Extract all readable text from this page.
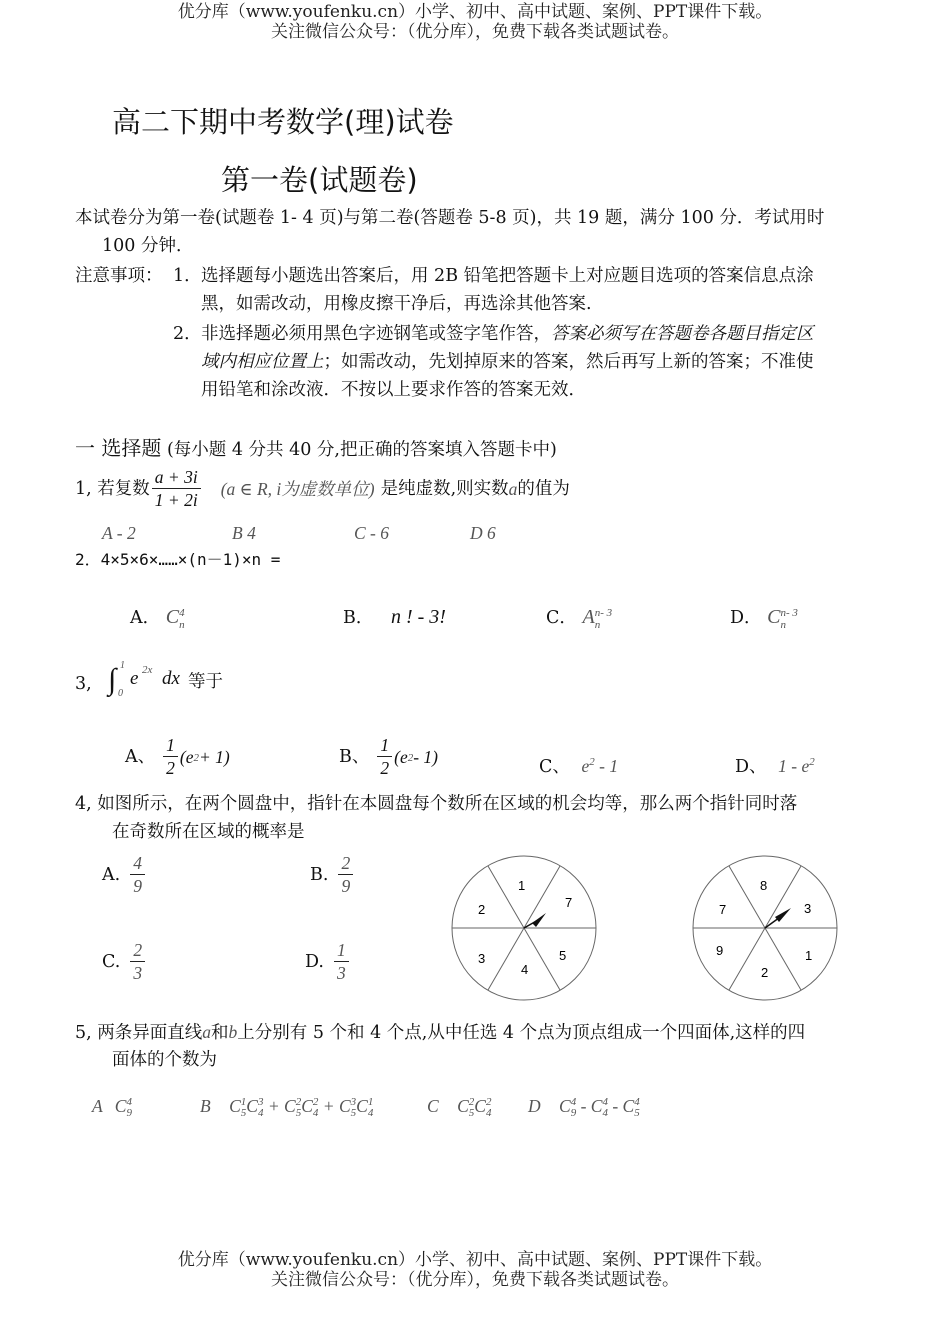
优分库（www.youfenku.cn）小学、初中、高中试题、案例、PPT课件下载。
关注微信公众号：（优分库），免费下载各类试题试卷。
高二下期中考数学(理)试卷
第一卷(试题卷)
本试卷分为第一卷(试题卷 1- 4 页)与第二卷(答题卷 5-8 页)，共 19 题，满分 100 分．考试用时
100 分钟．
注意事项： 1． 选择题每小题选出答案后，用 2B 铅笔把答题卡上对应题目选项的答案信息点涂
黑，如需改动，用橡皮擦干净后，再选涂其他答案.
2． 非选择题必须用黑色字迹钢笔或签字笔作答，答案必须写在答题卷各题目指定区
域内相应位置上；如需改动，先划掉原来的答案，然后再写上新的答案；不准使
用铅笔和涂改液．不按以上要求作答的答案无效．
一 选择题 (每小题 4 分共 40 分,把正确的答案填入答题卡中)
1, 若复数 $\frac{a + 3i}{1 + 2i} (a$ ∈ R, i为虚数单位) 是纯虚数,则实数 a 的值为
A - 2	B 4	C - 6	D 6
2．4×5×6×……×(n－1)×n =
A． C 4
n	B． n ! - 3!	C． A n- 3
n	D． C n- 3
n
3, ∫ 1
0
e 2x dx 等于
A、 $\frac{1}{2} (e$ 2 + 1)	B、 $\frac{1}{2} (e$ 2 - 1)
C、 $e^2 - 1$	D、 $1 - e^2$
4, 如图所示，在两个圆盘中，指针在本圆盘每个数所在区域的机会均等，那么两个指针同时落
在奇数所在区域的概率是
A. $\frac{4}{9}$	B. $\frac{2}{9}$
C. $\frac{2}{3}$	D. $\frac{1}{3}$
1
7
5
4
3
2
8
3
1
2
9
7
5, 两条异面直线a和b上分别有 5 个和 4 个点,从中任选 4 个点为顶点组成一个四面体,这样的四
面体的个数为
A C 4
9	B C 1
5 C 3
4 + C 2
5 C 2
4 + C 3
5 C 1
4	C C 2
5 C 2
4 D C 4
9 - C 4
4 - C 4
5
优分库（www.youfenku.cn）小学、初中、高中试题、案例、PPT课件下载。
关注微信公众号：（优分库），免费下载各类试题试卷。
